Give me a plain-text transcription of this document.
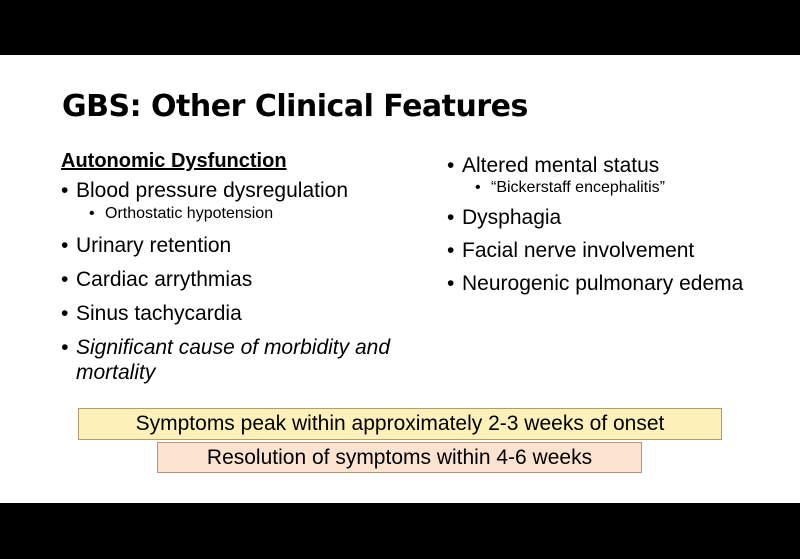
GBS: Other Clinical Features
Autonomic Dysfunction
• Blood pressure dysregulation
• Orthostatic hypotension
• Urinary retention
• Cardiac arrythmias
• Sinus tachycardia
• Significant cause of morbidity and mortality
• Altered mental status
• “Bickerstaff encephalitis”
• Dysphagia
• Facial nerve involvement
• Neurogenic pulmonary edema
Symptoms peak within approximately 2-3 weeks of onset
Resolution of symptoms within 4-6 weeks
